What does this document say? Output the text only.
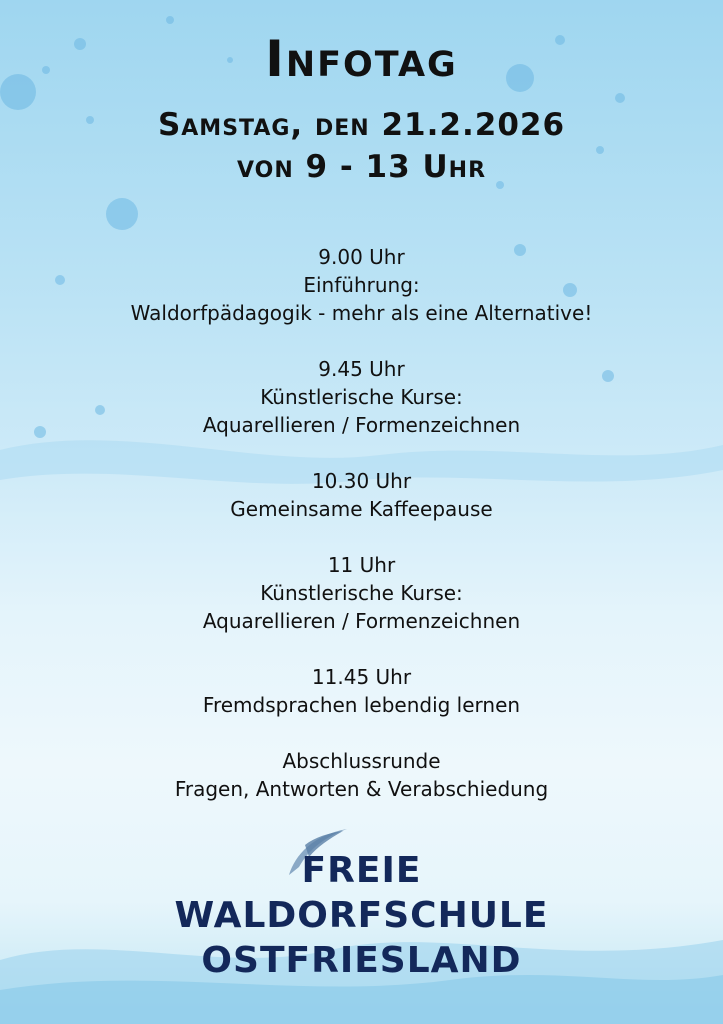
Infotag
Samstag, den 21.2.2026
von 9 - 13 Uhr
9.00 Uhr
Einführung:
Waldorfpädagogik - mehr als eine Alternative!
9.45 Uhr
Künstlerische Kurse:
Aquarellieren / Formenzeichnen
10.30 Uhr
Gemeinsame Kaffeepause
11 Uhr
Künstlerische Kurse:
Aquarellieren / Formenzeichnen
11.45 Uhr
Fremdsprachen lebendig lernen
Abschlussrunde
Fragen, Antworten & Verabschiedung
FREIE
WALDORFSCHULE
OSTFRIESLAND
